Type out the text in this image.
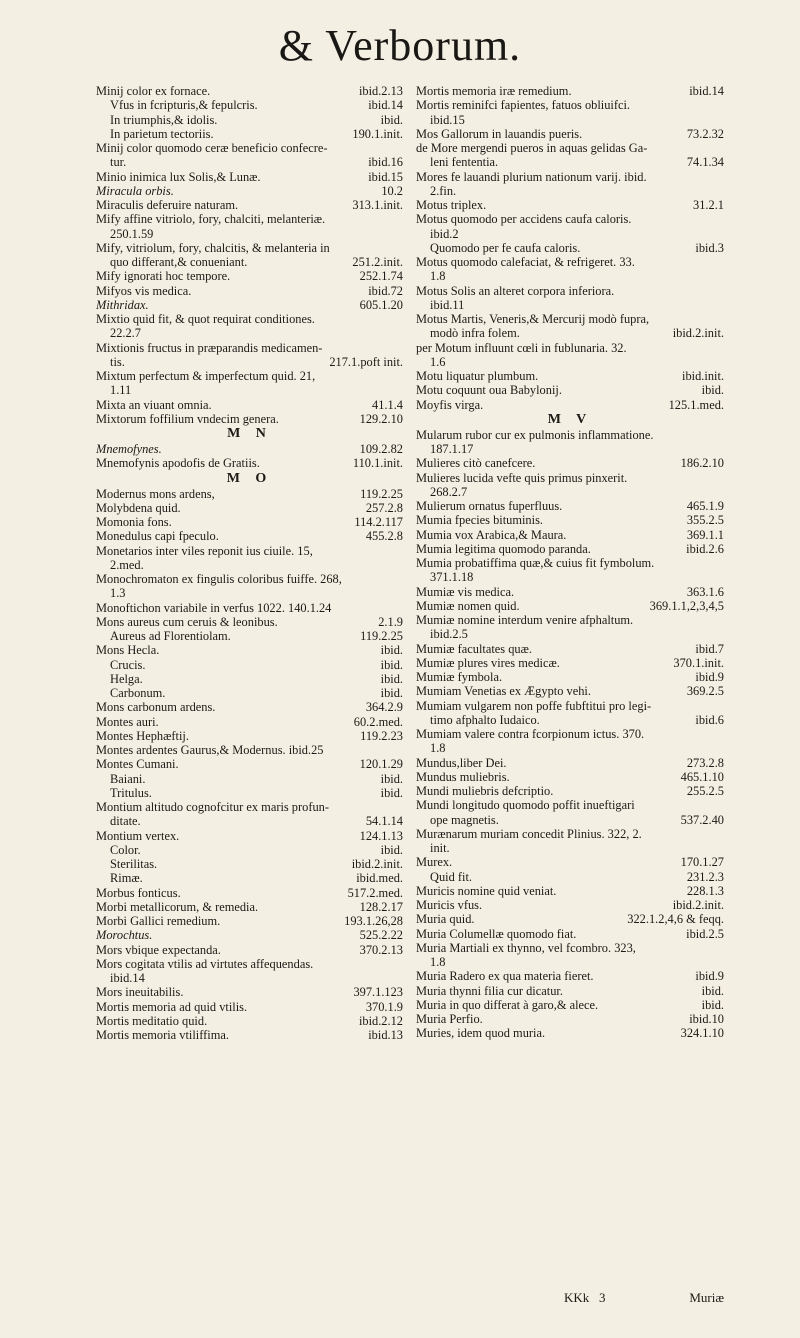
& Verborum.
ibid.2.13
Minij color ex fornace.
ibid.14
Vfus in fcripturis,& fepulcris.
ibid.
In triumphis,& idolis.
190.1.init.
In parietum tectoriis.
Minij color quomodo ceræ beneficio confecre-
ibid.16
tur.
ibid.15
Minio inimica lux Solis,& Lunæ.
10.2
Miracula orbis.
313.1.init.
Miraculis deferuire naturam.
Mify affine vitriolo, fory, chalciti, melanteriæ.
250.1.59
Mify, vitriolum, fory, chalcitis, & melanteria in
251.2.init.
quo differant,& conueniant.
252.1.74
Mify ignorati hoc tempore.
ibid.72
Mifyos vis medica.
605.1.20
Mithridax.
Mixtio quid fit, & quot requirat conditiones.
22.2.7
Mixtionis fructus in præparandis medicamen-
217.1.poft init.
tis.
Mixtum perfectum & imperfectum quid. 21,
1.11
41.1.4
Mixta an viuant omnia.
129.2.10
Mixtorum foffilium vndecim genera.
M N
109.2.82
Mnemofynes.
110.1.init.
Mnemofynis apodofis de Gratiis.
M O
119.2.25
Modernus mons ardens,
257.2.8
Molybdena quid.
114.2.117
Momonia fons.
455.2.8
Monedulus capi fpeculo.
Monetarios inter viles reponit ius ciuile. 15,
2.med.
Monochromaton ex fingulis coloribus fuiffe. 268,
1.3
Monoftichon variabile in verfus 1022. 140.1.24
2.1.9
Mons aureus cum ceruis & leonibus.
119.2.25
Aureus ad Florentiolam.
ibid.
Mons Hecla.
ibid.
Crucis.
ibid.
Helga.
ibid.
Carbonum.
364.2.9
Mons carbonum ardens.
60.2.med.
Montes auri.
119.2.23
Montes Hephæftij.
Montes ardentes Gaurus,& Modernus. ibid.25
120.1.29
Montes Cumani.
ibid.
Baiani.
ibid.
Tritulus.
Montium altitudo cognofcitur ex maris profun-
54.1.14
ditate.
124.1.13
Montium vertex.
ibid.
Color.
ibid.2.init.
Sterilitas.
ibid.med.
Rimæ.
517.2.med.
Morbus fonticus.
128.2.17
Morbi metallicorum, & remedia.
193.1.26,28
Morbi Gallici remedium.
525.2.22
Morochtus.
370.2.13
Mors vbique expectanda.
Mors cogitata vtilis ad virtutes affequendas.
ibid.14
397.1.123
Mors ineuitabilis.
370.1.9
Mortis memoria ad quid vtilis.
ibid.2.12
Mortis meditatio quid.
ibid.13
Mortis memoria vtiliffima.
ibid.14
Mortis memoria iræ remedium.
Mortis reminifci fapientes, fatuos obliuifci.
ibid.15
73.2.32
Mos Gallorum in lauandis pueris.
de More mergendi pueros in aquas gelidas Ga-
74.1.34
leni fententia.
Mores fe lauandi plurium nationum varij. ibid.
2.fin.
31.2.1
Motus triplex.
Motus quomodo per accidens caufa caloris.
ibid.2
ibid.3
Quomodo per fe caufa caloris.
Motus quomodo calefaciat, & refrigeret. 33.
1.8
Motus Solis an alteret corpora inferiora.
ibid.11
Motus Martis, Veneris,& Mercurij modò fupra,
ibid.2.init.
modò infra folem.
per Motum influunt cœli in fublunaria. 32.
1.6
ibid.init.
Motu liquatur plumbum.
ibid.
Motu coquunt oua Babylonij.
125.1.med.
Moyfis virga.
M V
Mularum rubor cur ex pulmonis inflammatione.
187.1.17
186.2.10
Mulieres citò canefcere.
Mulieres lucida vefte quis primus pinxerit.
268.2.7
465.1.9
Mulierum ornatus fuperfluus.
355.2.5
Mumia fpecies bituminis.
369.1.1
Mumia vox Arabica,& Maura.
ibid.2.6
Mumia legitima quomodo paranda.
Mumia probatiffima quæ,& cuius fit fymbolum.
371.1.18
363.1.6
Mumiæ vis medica.
369.1.1,2,3,4,5
Mumiæ nomen quid.
Mumiæ nomine interdum venire afphaltum.
ibid.2.5
ibid.7
Mumiæ facultates quæ.
370.1.init.
Mumiæ plures vires medicæ.
ibid.9
Mumiæ fymbola.
369.2.5
Mumiam Venetias ex Ægypto vehi.
Mumiam vulgarem non poffe fubftitui pro legi-
ibid.6
timo afphalto Iudaico.
Mumiam valere contra fcorpionum ictus. 370.
1.8
273.2.8
Mundus,liber Dei.
465.1.10
Mundus muliebris.
255.2.5
Mundi muliebris defcriptio.
Mundi longitudo quomodo poffit inueftigari
537.2.40
ope magnetis.
Murænarum muriam concedit Plinius. 322, 2.
init.
170.1.27
Murex.
231.2.3
Quid fit.
228.1.3
Muricis nomine quid veniat.
ibid.2.init.
Muricis vfus.
322.1.2,4,6 & feqq.
Muria quid.
ibid.2.5
Muria Columellæ quomodo fiat.
Muria Martiali ex thynno, vel fcombro. 323,
1.8
ibid.9
Muria Radero ex qua materia fieret.
ibid.
Muria thynni filia cur dicatur.
ibid.
Muria in quo differat à garo,& alece.
ibid.10
Muria Perfio.
324.1.10
Muries, idem quod muria.
KKk 3	Muriæ
